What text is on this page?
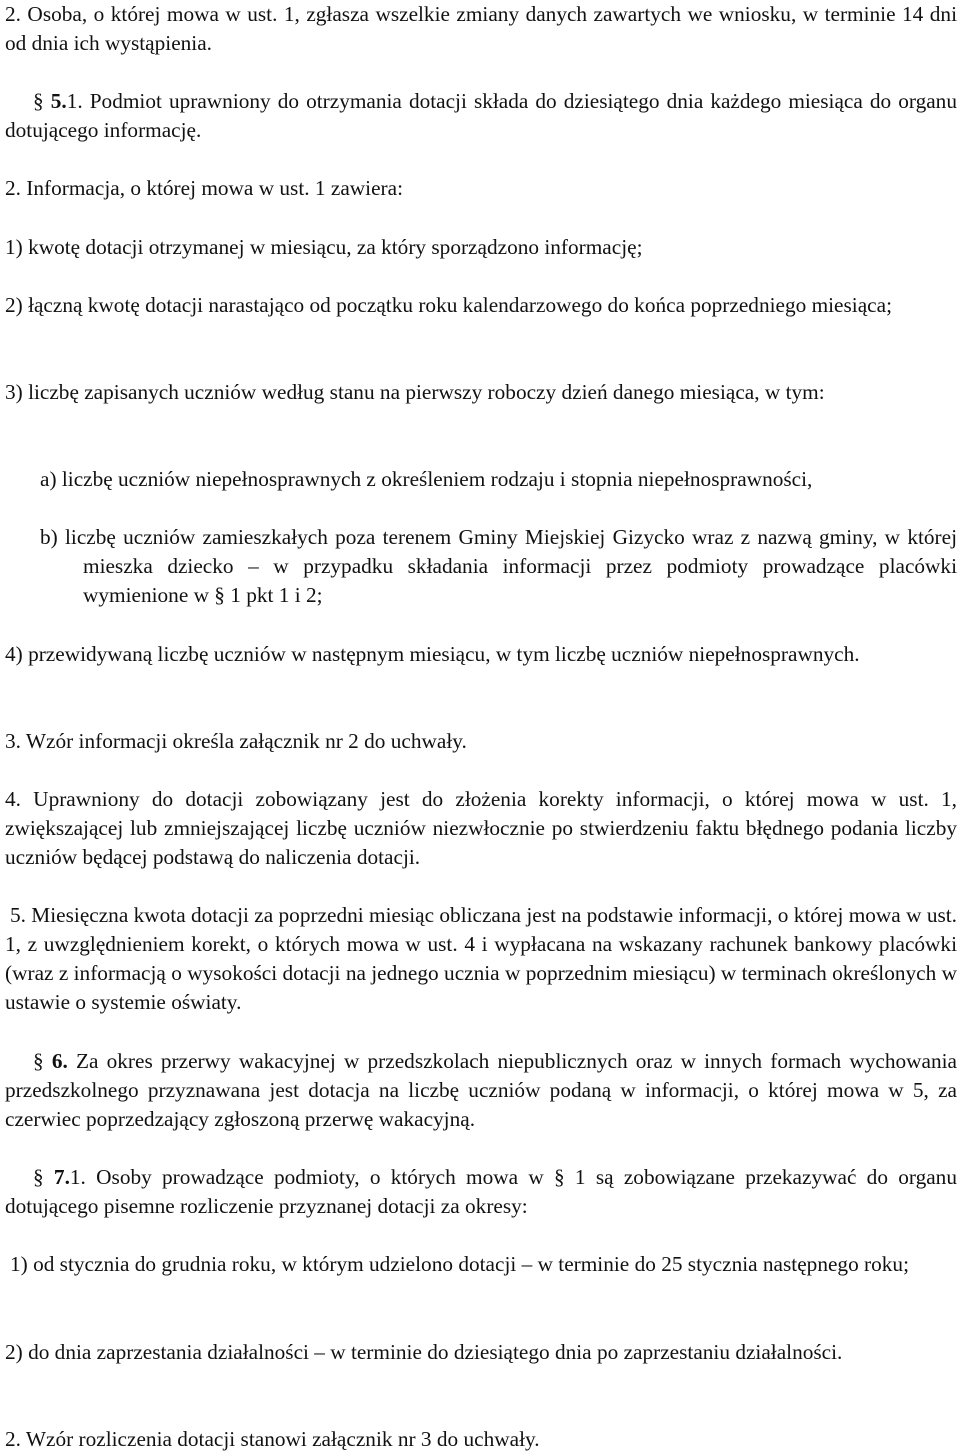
2. Osoba, o której mowa w ust. 1, zgłasza wszelkie zmiany danych zawartych we wniosku, w terminie 14 dni od dnia ich wystąpienia.

§ 5.1. Podmiot uprawniony do otrzymania dotacji składa do dziesiątego dnia każdego miesiąca do organu dotującego informację.

2. Informacja, o której mowa w ust. 1 zawiera:

1) kwotę dotacji otrzymanej w miesiącu, za który sporządzono informację;

2) łączną kwotę dotacji narastająco od początku roku kalendarzowego do końca poprzedniego miesiąca;

3) liczbę zapisanych uczniów według stanu na pierwszy roboczy dzień danego miesiąca, w tym:

a) liczbę uczniów niepełnosprawnych z określeniem rodzaju i stopnia niepełnosprawności,

b) liczbę uczniów zamieszkałych poza terenem Gminy Miejskiej Gizycko wraz z nazwą gminy, w której mieszka dziecko – w przypadku składania informacji przez podmioty prowadzące placówki wymienione w § 1 pkt 1 i 2;

4) przewidywaną liczbę uczniów w następnym miesiącu, w tym liczbę uczniów niepełnosprawnych.

3. Wzór informacji określa załącznik nr 2 do uchwały.

4. Uprawniony do dotacji zobowiązany jest do złożenia korekty informacji, o której mowa w ust. 1, zwiększającej lub zmniejszającej liczbę uczniów niezwłocznie po stwierdzeniu faktu błędnego podania liczby uczniów będącej podstawą do naliczenia dotacji.

5. Miesięczna kwota dotacji za poprzedni miesiąc obliczana jest na podstawie informacji, o której mowa w ust. 1, z uwzględnieniem korekt, o których mowa w ust. 4 i wypłacana na wskazany rachunek bankowy placówki (wraz z informacją o wysokości dotacji na jednego ucznia w poprzednim miesiącu) w terminach określonych w ustawie o systemie oświaty.

§ 6. Za okres przerwy wakacyjnej w przedszkolach niepublicznych oraz w innych formach wychowania przedszkolnego przyznawana jest dotacja na liczbę uczniów podaną w informacji, o której mowa w 5, za czerwiec poprzedzający zgłoszoną przerwę wakacyjną.

§ 7.1. Osoby prowadzące podmioty, o których mowa w § 1 są zobowiązane przekazywać do organu dotującego pisemne rozliczenie przyznanej dotacji za okresy:

1) od stycznia do grudnia roku, w którym udzielono dotacji – w terminie do 25 stycznia następnego roku;

2) do dnia zaprzestania działalności – w terminie do dziesiątego dnia po zaprzestaniu działalności.

2. Wzór rozliczenia dotacji stanowi załącznik nr 3 do uchwały.
